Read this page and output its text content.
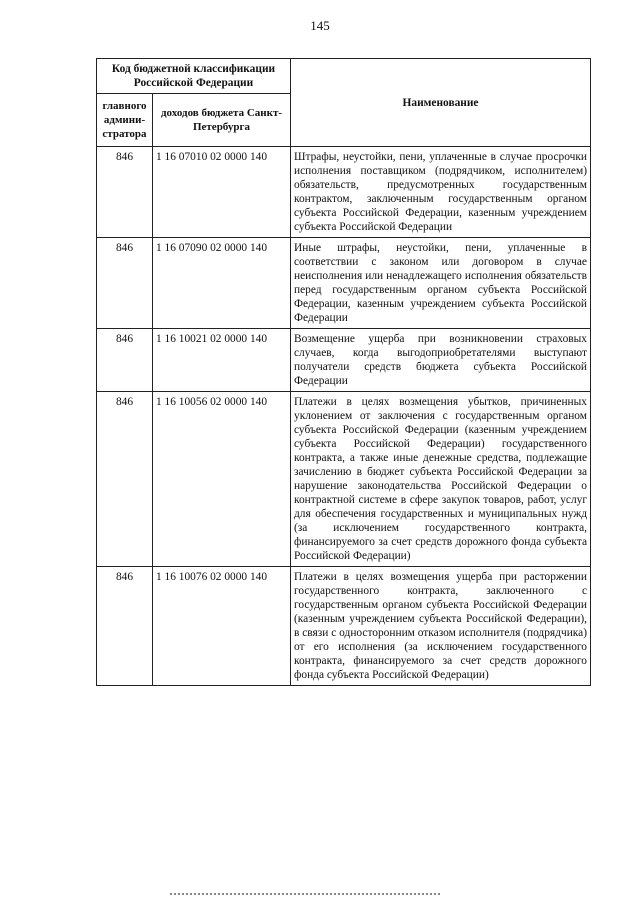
145
Код бюджетной классификации Российской Федерации		Наименование
главного админи-стратора	доходов бюджета Санкт-Петербурга	
846	1 16 07010 02 0000 140	Штрафы, неустойки, пени, уплаченные в случае просрочки исполнения поставщиком (подрядчиком, исполнителем) обязательств, предусмотренных государственным контрактом, заключенным государственным органом субъекта Российской Федерации, казенным учреждением субъекта Российской Федерации
846	1 16 07090 02 0000 140	Иные штрафы, неустойки, пени, уплаченные в соответствии с законом или договором в случае неисполнения или ненадлежащего исполнения обязательств перед государственным органом субъекта Российской Федерации, казенным учреждением субъекта Российской Федерации
846	1 16 10021 02 0000 140	Возмещение ущерба при возникновении страховых случаев, когда выгодоприобретателями выступают получатели средств бюджета субъекта Российской Федерации
846	1 16 10056 02 0000 140	Платежи в целях возмещения убытков, причиненных уклонением от заключения с государственным органом субъекта Российской Федерации (казенным учреждением субъекта Российской Федерации) государственного контракта, а также иные денежные средства, подлежащие зачислению в бюджет субъекта Российской Федерации за нарушение законодательства Российской Федерации о контрактной системе в сфере закупок товаров, работ, услуг для обеспечения государственных и муниципальных нужд (за исключением государственного контракта, финансируемого за счет средств дорожного фонда субъекта Российской Федерации)
846	1 16 10076 02 0000 140	Платежи в целях возмещения ущерба при расторжении государственного контракта, заключенного с государственным органом субъекта Российской Федерации (казенным учреждением субъекта Российской Федерации), в связи с односторонним отказом исполнителя (подрядчика) от его исполнения (за исключением государственного контракта, финансируемого за счет средств дорожного фонда субъекта Российской Федерации)
